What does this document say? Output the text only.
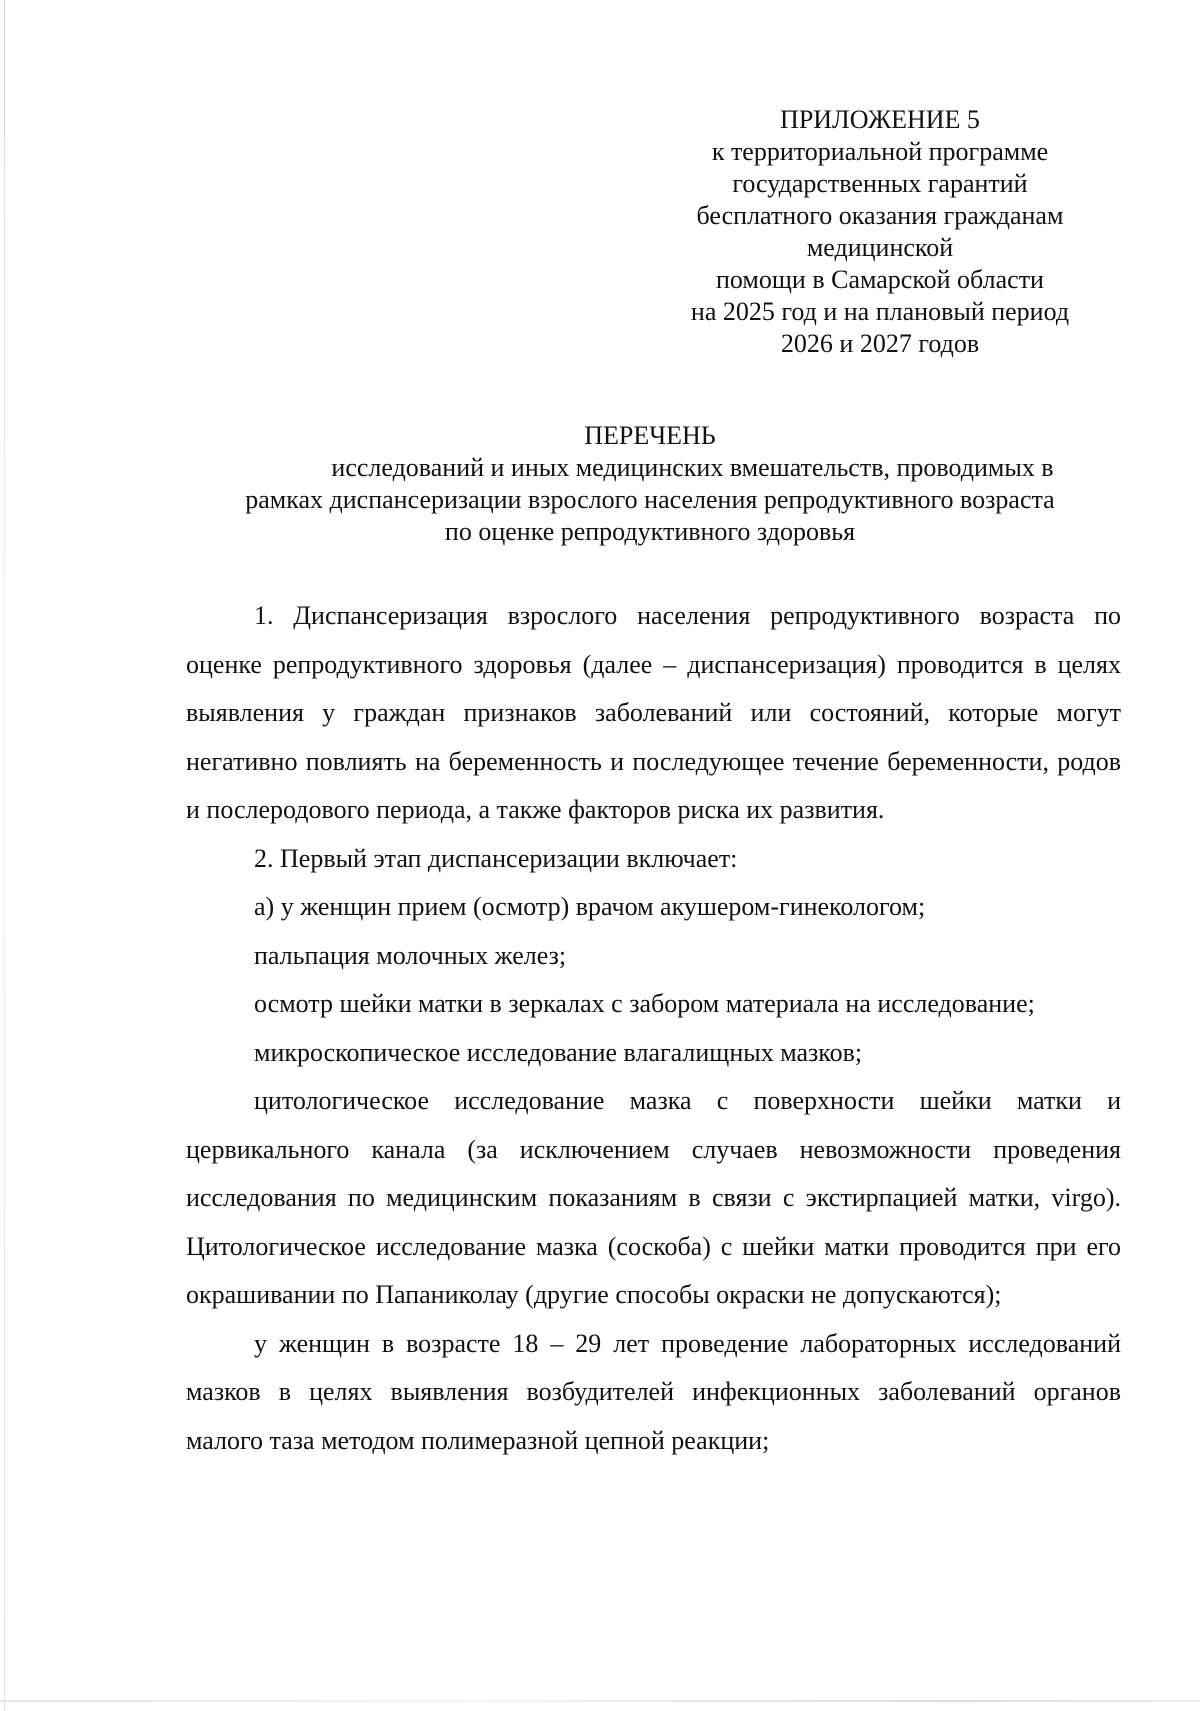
ПРИЛОЖЕНИЕ 5
к территориальной программе
государственных гарантий
бесплатного оказания гражданам
медицинской
помощи в Самарской области
на 2025 год и на плановый период
2026 и 2027 годов
ПЕРЕЧЕНЬ
исследований и иных медицинских вмешательств, проводимых в
рамках диспансеризации взрослого населения репродуктивного возраста
по оценке репродуктивного здоровья

1. Диспансеризация взрослого населения репродуктивного возраста по оценке репродуктивного здоровья (далее – диспансеризация) проводится в целях выявления у граждан признаков заболеваний или состояний, которые могут негативно повлиять на беременность и последующее течение беременности, родов и послеродового периода, а также факторов риска их развития.

2. Первый этап диспансеризации включает:

а) у женщин прием (осмотр) врачом акушером-гинекологом;

пальпация молочных желез;

осмотр шейки матки в зеркалах с забором материала на исследование;

микроскопическое исследование влагалищных мазков;

цитологическое исследование мазка с поверхности шейки матки и цервикального канала (за исключением случаев невозможности проведения исследования по медицинским показаниям в связи с экстирпацией матки, virgo). Цитологическое исследование мазка (соскоба) с шейки матки проводится при его окрашивании по Папаниколау (другие способы окраски не допускаются);

у женщин в возрасте 18 – 29 лет проведение лабораторных исследований мазков в целях выявления возбудителей инфекционных заболеваний органов малого таза методом полимеразной цепной реакции;
